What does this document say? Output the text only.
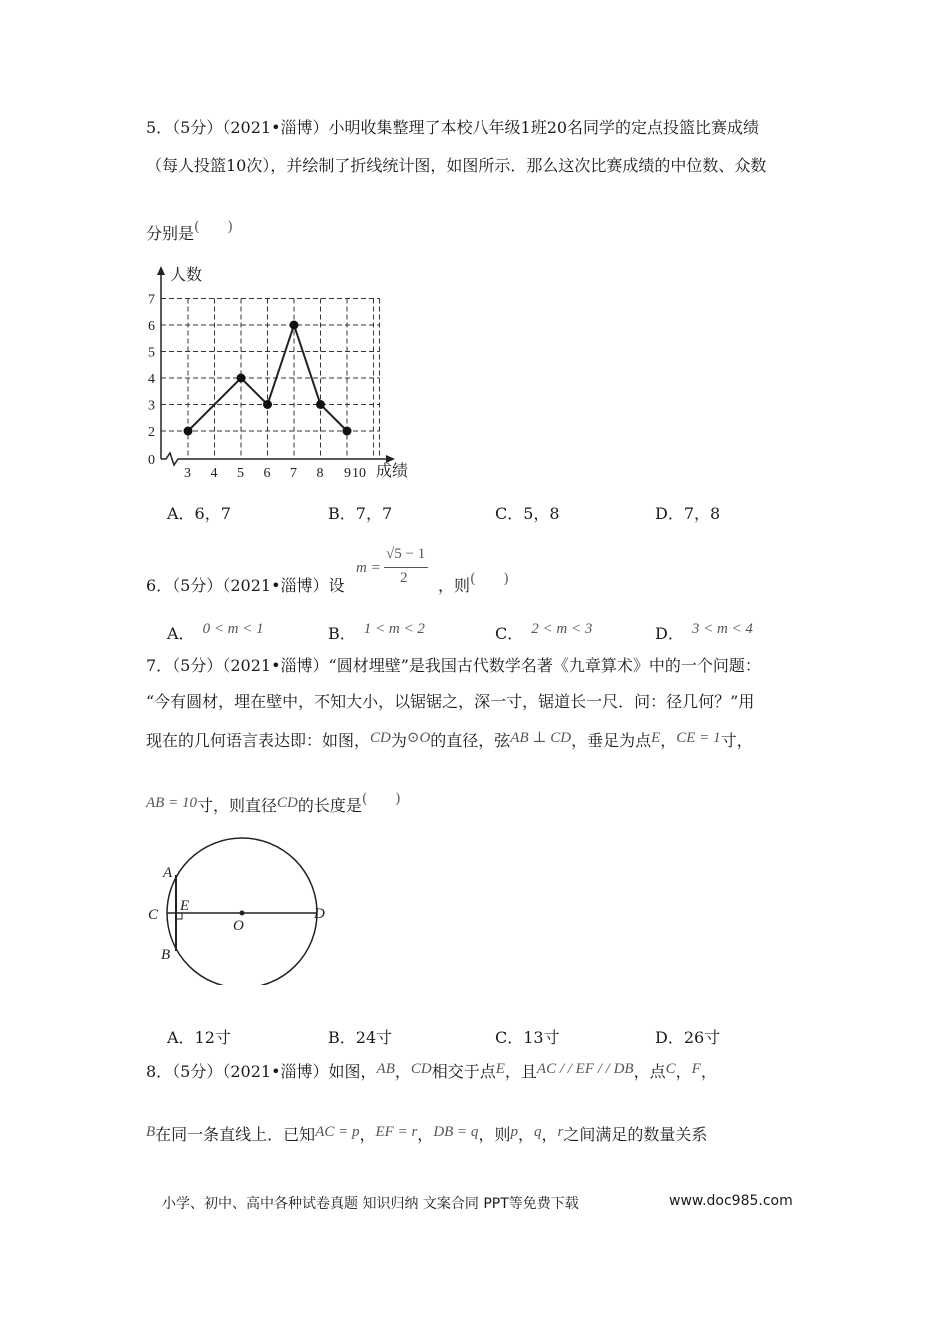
5．（5分）（2021•淄博）小明收集整理了本校八年级1班20名同学的定点投篮比赛成绩
（每人投篮10次），并绘制了折线统计图，如图所示．那么这次比赛成绩的中位数、众数
分别是(　　)
0
2
3
4
5
6
7
3 4 5 6 7 8 9 10
人数
成绩
A．6，7	B．7，7	C．5，8	D．7，8
6．（5分）（2021•淄博）设
m =
√5 − 1
2 ，则(　　)
A． 0 < m < 1	B． 1 < m < 2	C． 2 < m < 3	D． 3 < m < 4
7．（5分）（2021•淄博）“圆材埋壁”是我国古代数学名著《九章算术》中的一个问题：
“今有圆材，埋在壁中，不知大小，以锯锯之，深一寸，锯道长一尺．问：径几何？”用
现在的几何语言表达即：如图，CD为⊙O的直径，弦AB ⊥ CD，垂足为点E，CE = 1寸，
AB = 10寸，则直径CD的长度是(　　)
A
C
E
B
O
D
A．12寸	B．24寸	C．13寸	D．26寸
8．（5分）（2021•淄博）如图，AB，CD相交于点E，且AC / / EF / / DB，点C，F，
B在同一条直线上．已知AC = p，EF = r，DB = q，则p，q，r之间满足的数量关系
小学、初中、高中各种试卷真题 知识归纳 文案合同 PPT等免费下载	www.doc985.com
